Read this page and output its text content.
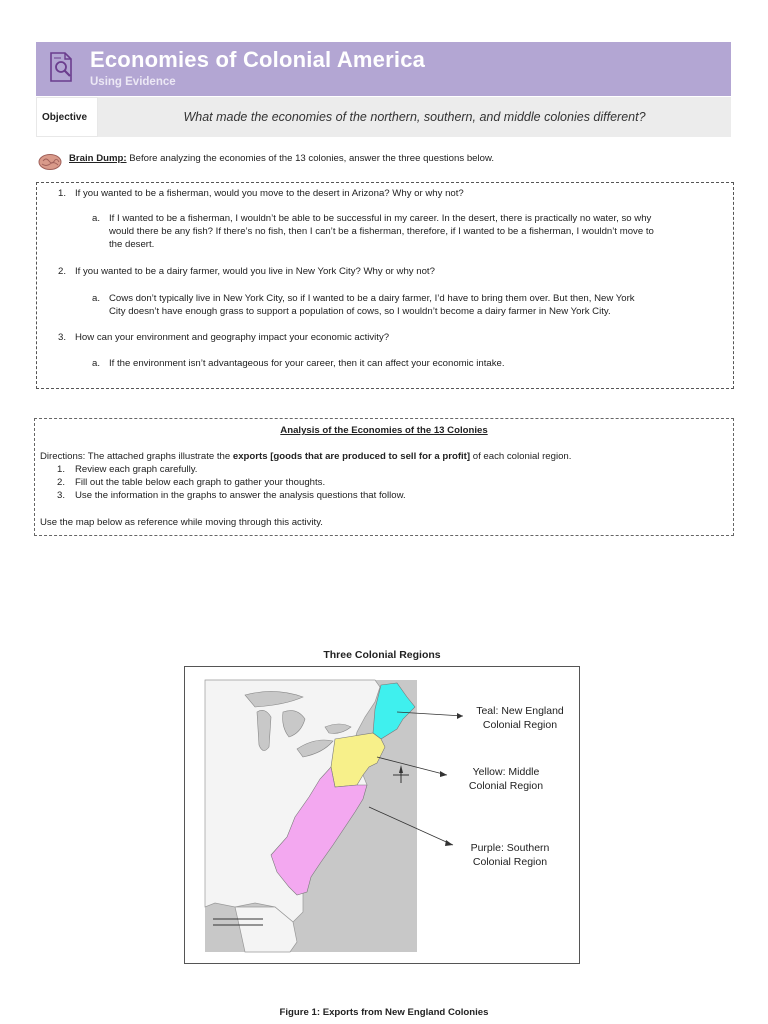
Economies of Colonial America
Using Evidence
Objective	What made the economies of the northern, southern, and middle colonies different?
Brain Dump: Before analyzing the economies of the 13 colonies, answer the three questions below.
1. If you wanted to be a fisherman, would you move to the desert in Arizona? Why or why not?
a. If I wanted to be a fisherman, I wouldn’t be able to be successful in my career. In the desert, there is practically no water, so why
would there be any fish? If there’s no fish, then I can’t be a fisherman, therefore, if I wanted to be a fisherman, I wouldn’t move to
the desert.
2. If you wanted to be a dairy farmer, would you live in New York City? Why or why not?
a. Cows don’t typically live in New York City, so if I wanted to be a dairy farmer, I’d have to bring them over. But then, New York
City doesn’t have enough grass to support a population of cows, so I wouldn’t become a dairy farmer in New York City.
3. How can your environment and geography impact your economic activity?
a. If the environment isn’t advantageous for your career, then it can affect your economic intake.
Analysis of the Economies of the 13 Colonies
Directions: The attached graphs illustrate the exports [goods that are produced to sell for a profit] of each colonial region.
1. Review each graph carefully.
2. Fill out the table below each graph to gather your thoughts.
3. Use the information in the graphs to answer the analysis questions that follow.
Use the map below as reference while moving through this activity.
Three Colonial Regions
Teal: New England
Colonial Region
Yellow: Middle
Colonial Region
Purple: Southern
Colonial Region
Figure 1: Exports from New England Colonies
